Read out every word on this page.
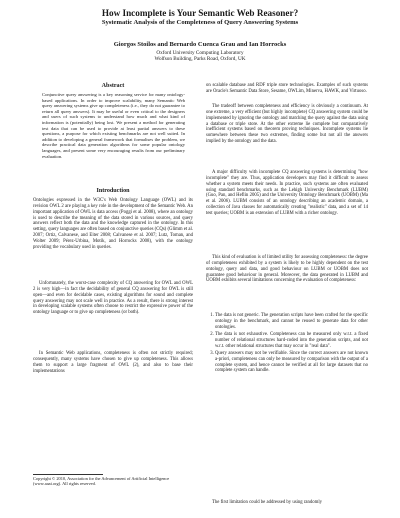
How Incomplete is Your Semantic Web Reasoner?
Systematic Analysis of the Completeness of Query Answering Systems
Giorgos Stoilos and Bernardo Cuenca Grau and Ian Horrocks
Oxford University Computing Laboratory
Wolfson Building, Parks Road, Oxford, UK
Abstract
Conjunctive query answering is a key reasoning service for many ontology-based applications. In order to improve scalability, many Semantic Web query answering systems give up completeness (i.e., they do not guarantee to return all query answers). It may be useful or even critical to the designers and users of such systems to understand how much and what kind of information is (potentially) being lost. We present a method for generating test data that can be used to provide at least partial answers to these questions, a purpose for which existing benchmarks are not well suited. In addition to developing a general framework that formalises the problem, we describe practical data generation algorithms for some popular ontology languages, and present some very encouraging results from our preliminary evaluation.
Introduction

Ontologies expressed in the W3C's Web Ontology Language (OWL) and its revision OWL 2 are playing a key role in the development of the Semantic Web. An important application of OWL is data access (Poggi et al. 2008), where an ontology is used to describe the meaning of the data stored in various sources, and query answers reflect both the data and the knowledge captured in the ontology. In this setting, query languages are often based on conjunctive queries (CQs) (Glimm et al. 2007; Ortiz, Calvanese, and Eiter 2008; Calvanese et al. 2007; Lutz, Toman, and Wolter 2009; Pérez-Urbina, Motik, and Horrocks 2008), with the ontology providing the vocabulary used in queries.

Unfortunately, the worst-case complexity of CQ answering for OWL and OWL 2 is very high—in fact the decidability of general CQ answering for OWL is still open—and even for decidable cases, existing algorithms for sound and complete query answering may not scale well in practice. As a result, there is strong interest in developing scalable systems often choose to restrict the expressive power of the ontology language or to give up completeness (or both).

In Semantic Web applications, completeness is often not strictly required; consequently, many systems have chosen to give up completeness. This allows them to support a large fragment of OWL (2), and also to base their implementations

Copyright © 2010, Association for the Advancement of Artificial Intelligence (www.aaai.org). All rights reserved.

on scalable database and RDF triple store technologies. Examples of such systems are Oracle's Semantic Data Store, Sesame, OWLim, Minerva, HAWK, and Virtuoso.

The tradeoff between completeness and efficiency is obviously a continuum. At one extreme, a very efficient (but highly incomplete) CQ answering system could be implemented by ignoring the ontology and matching the query against the data using a database or triple store. At the other extreme lie complete but comparatively inefficient systems based on theorem proving techniques. Incomplete systems lie somewhere between these two extremes, finding some but not all the answers implied by the ontology and the data.

A major difficulty with incomplete CQ answering systems is determining "how incomplete" they are. Thus, application developers may find it difficult to assess whether a system meets their needs. In practice, such systems are often evaluated using standard benchmarks, such as the Lehigh University Benchmark (LUBM) (Guo, Pan, and Heflin 2005) and the University Ontology Benchmark (UOBM) (Ma et al. 2006). LUBM consists of an ontology describing an academic domain, a collection of Java classes for automatically creating "realistic" data, and a set of 14 test queries; UOBM is an extension of LUBM with a richer ontology.

This kind of evaluation is of limited utility for assessing completeness: the degree of completeness exhibited by a system is likely to be highly dependent on the test ontology, query and data, and good behaviour on LUBM or UOBM does not guarantee good behaviour in general. Moreover, the data generated in LUBM and UOBM exhibits several limitations concerning the evaluation of completeness:

1. The data is not generic. The generation scripts have been crafted for the specific ontology in the benchmark, and cannot be reused to generate data for other ontologies.
2. The data is not exhaustive. Completeness can be measured only w.r.t. a fixed number of relational structures hard-coded into the generation scripts, and not w.r.t. other relational structures that may occur in "real data".
3. Query answers may not be verifiable. Since the correct answers are not known a-priori, completeness can only be measured by comparison with the output of a complete system, and hence cannot be verified at all for large datasets that no complete system can handle.

The first limitation could be addressed by using randomly
